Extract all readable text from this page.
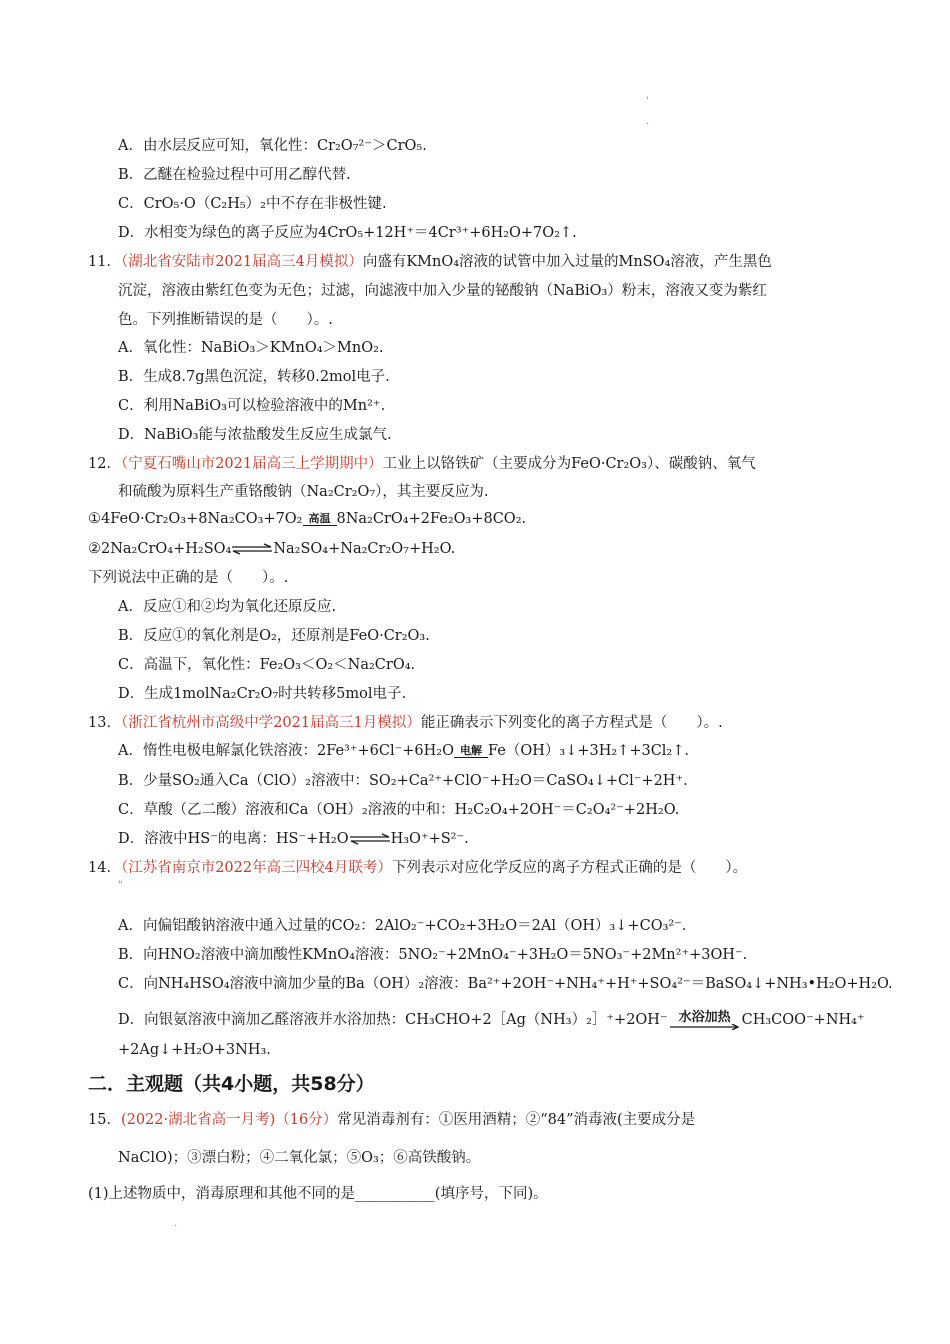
'
.
A．由水层反应可知，氧化性：Cr₂O₇²⁻＞CrO₅.
B．乙醚在检验过程中可用乙醇代替.
C．CrO₅·O（C₂H₅）₂中不存在非极性键.
D．水相变为绿色的离子反应为4CrO₅+12H⁺＝4Cr³⁺+6H₂O+7O₂↑.
11．（湖北省安陆市2021届高三4月模拟）向盛有KMnO₄溶液的试管中加入过量的MnSO₄溶液，产生黑色
沉淀，溶液由紫红色变为无色；过滤，向滤液中加入少量的铋酸钠（NaBiO₃）粉末，溶液又变为紫红
色。下列推断错误的是（　　）。.
A．氧化性：NaBiO₃＞KMnO₄＞MnO₂.
B．生成8.7g黑色沉淀，转移0.2mol电子.
C．利用NaBiO₃可以检验溶液中的Mn²⁺.
D．NaBiO₃能与浓盐酸发生反应生成氯气.
12．（宁夏石嘴山市2021届高三上学期期中）工业上以铬铁矿（主要成分为FeO·Cr₂O₃）、碳酸钠、氧气
和硫酸为原料生产重铬酸钠（Na₂Cr₂O₇），其主要反应为.
①4FeO·Cr₂O₃+8Na₂CO₃+7O₂ 高温 8Na₂CrO₄+2Fe₂O₃+8CO₂.
②2Na₂CrO₄+H₂SO₄⇌Na₂SO₄+Na₂Cr₂O₇+H₂O.
下列说法中正确的是（　　）。.
A．反应①和②均为氧化还原反应.
B．反应①的氧化剂是O₂，还原剂是FeO·Cr₂O₃.
C．高温下，氧化性：Fe₂O₃＜O₂＜Na₂CrO₄.
D．生成1molNa₂Cr₂O₇时共转移5mol电子.
13．（浙江省杭州市高级中学2021届高三1月模拟）能正确表示下列变化的离子方程式是（　　）。.
A．惰性电极电解氯化铁溶液：2Fe³⁺+6Cl⁻+6H₂O 电解 Fe（OH）₃↓+3H₂↑+3Cl₂↑.
B．少量SO₂通入Ca（ClO）₂溶液中：SO₂+Ca²⁺+ClO⁻+H₂O＝CaSO₄↓+Cl⁻+2H⁺.
C．草酸（乙二酸）溶液和Ca（OH）₂溶液的中和：H₂C₂O₄+2OH⁻＝C₂O₄²⁻+2H₂O.
D．溶液中HS⁻的电离：HS⁻+H₂O⇌H₃O⁺+S²⁻.
14．（江苏省南京市2022年高三四校4月联考）下列表示对应化学反应的离子方程式正确的是（　　）。
"
A．向偏铝酸钠溶液中通入过量的CO₂：2AlO₂⁻+CO₂+3H₂O＝2Al（OH）₃↓+CO₃²⁻.
B．向HNO₂溶液中滴加酸性KMnO₄溶液：5NO₂⁻+2MnO₄⁻+3H₂O＝5NO₃⁻+2Mn²⁺+3OH⁻.
C．向NH₄HSO₄溶液中滴加少量的Ba（OH）₂溶液：Ba²⁺+2OH⁻+NH₄⁺+H⁺+SO₄²⁻＝BaSO₄↓+NH₃•H₂O+H₂O.
D．向银氨溶液中滴加乙醛溶液并水浴加热：CH₃CHO+2［Ag（NH₃）₂］⁺+2OH⁻ 水浴加热 CH₃COO⁻+NH₄⁺
+2Ag↓+H₂O+3NH₃.
二．主观题（共4小题，共58分）
15．(2022·湖北省高一月考)（16分）常见消毒剂有：①医用酒精；②“84”消毒液(主要成分是
NaClO)；③漂白粉；④二氧化氯；⑤O₃；⑥高铁酸钠。
(1)上述物质中，消毒原理和其他不同的是___________(填序号，下同)。
.
